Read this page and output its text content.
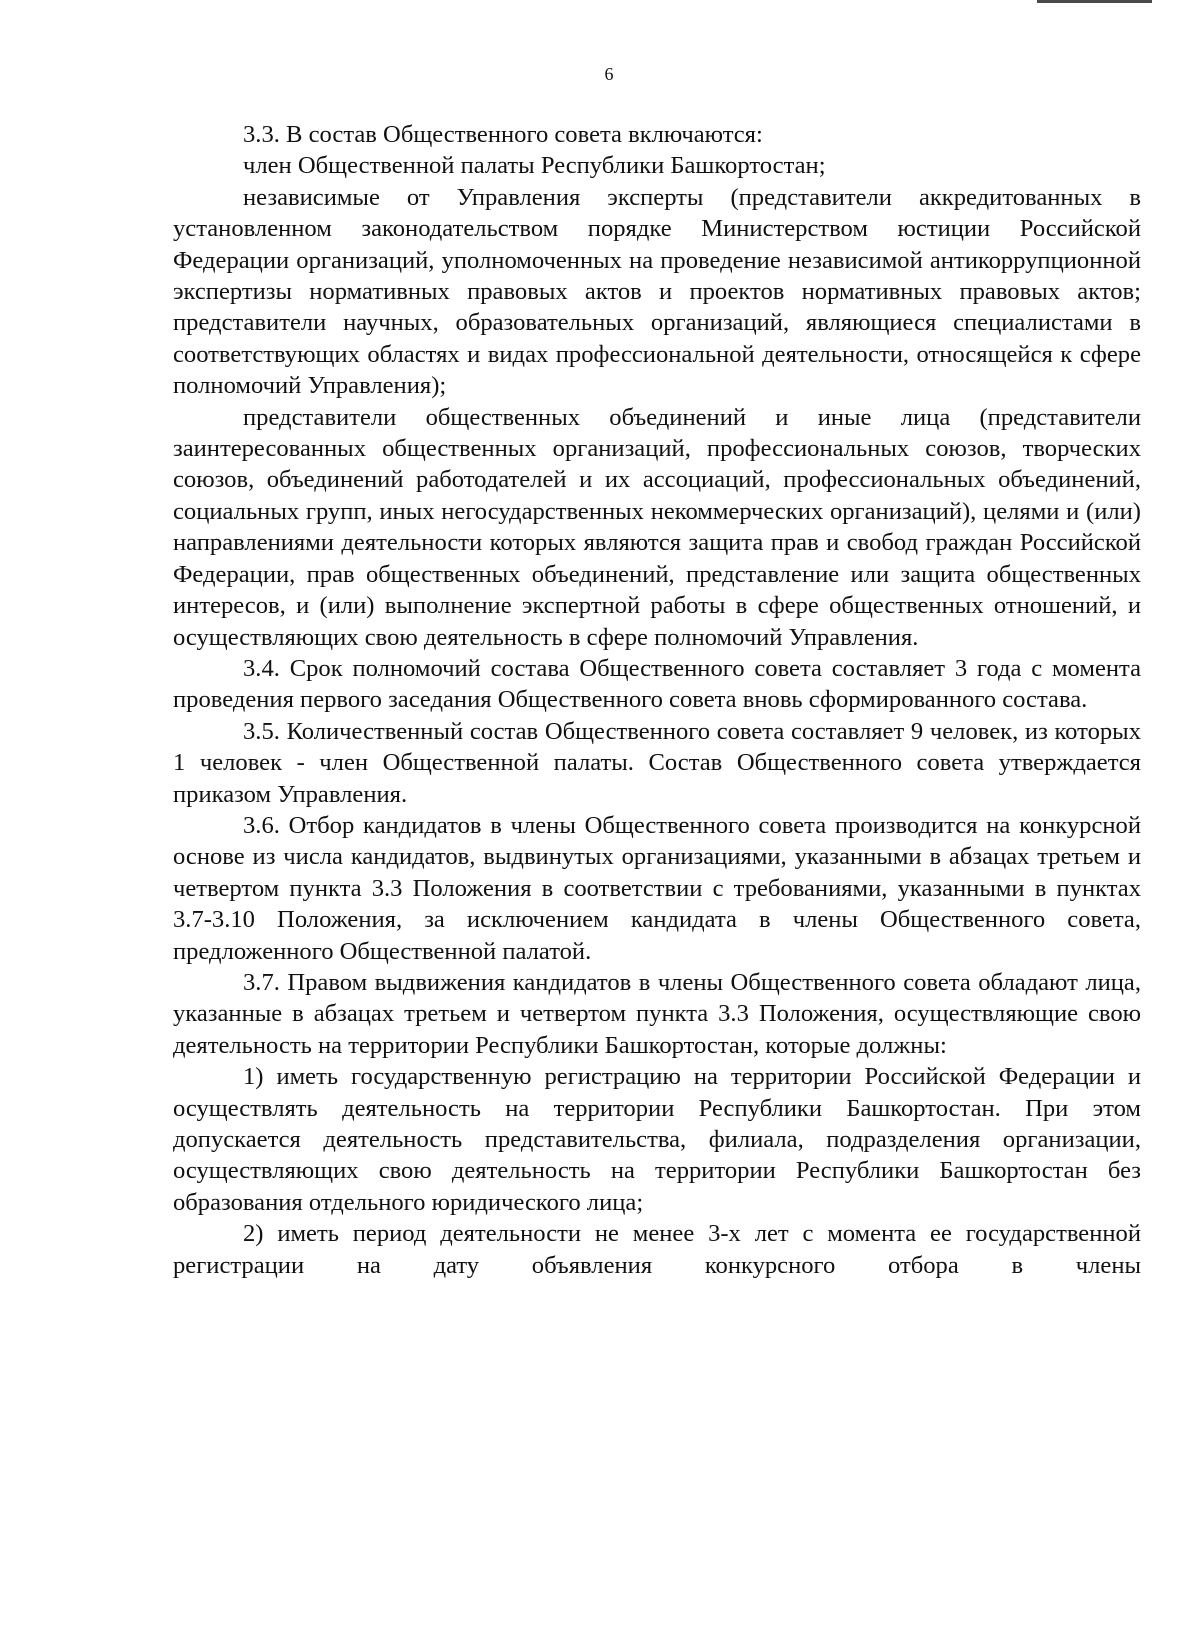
6

3.3. В состав Общественного совета включаются:

член Общественной палаты Республики Башкортостан;

независимые от Управления эксперты (представители аккредитованных в установленном законодательством порядке Министерством юстиции Российской Федерации организаций, уполномоченных на проведение независимой антикоррупционной экспертизы нормативных правовых актов и проектов нормативных правовых актов; представители научных, образовательных организаций, являющиеся специалистами в соответствующих областях и видах профессиональной деятельности, относящейся к сфере полномочий Управления);

представители общественных объединений и иные лица (представители заинтересованных общественных организаций, профессиональных союзов, творческих союзов, объединений работодателей и их ассоциаций, профессиональных объединений, социальных групп, иных негосударственных некоммерческих организаций), целями и (или) направлениями деятельности которых являются защита прав и свобод граждан Российской Федерации, прав общественных объединений, представление или защита общественных интересов, и (или) выполнение экспертной работы в сфере общественных отношений, и осуществляющих свою деятельность в сфере полномочий Управления.

3.4. Срок полномочий состава Общественного совета составляет 3 года с момента проведения первого заседания Общественного совета вновь сформированного состава.

3.5. Количественный состав Общественного совета составляет 9 человек, из которых 1 человек - член Общественной палаты. Состав Общественного совета утверждается приказом Управления.

3.6. Отбор кандидатов в члены Общественного совета производится на конкурсной основе из числа кандидатов, выдвинутых организациями, указанными в абзацах третьем и четвертом пункта 3.3 Положения в соответствии с требованиями, указанными в пунктах 3.7-3.10 Положения, за исключением кандидата в члены Общественного совета, предложенного Общественной палатой.

3.7. Правом выдвижения кандидатов в члены Общественного совета обладают лица, указанные в абзацах третьем и четвертом пункта 3.3 Положения, осуществляющие свою деятельность на территории Республики Башкортостан, которые должны:

1) иметь государственную регистрацию на территории Российской Федерации и осуществлять деятельность на территории Республики Башкортостан. При этом допускается деятельность представительства, филиала, подразделения организации, осуществляющих свою деятельность на территории Республики Башкортостан без образования отдельного юридического лица;

2) иметь период деятельности не менее 3-х лет с момента ее государственной регистрации на дату объявления конкурсного отбора в члены
